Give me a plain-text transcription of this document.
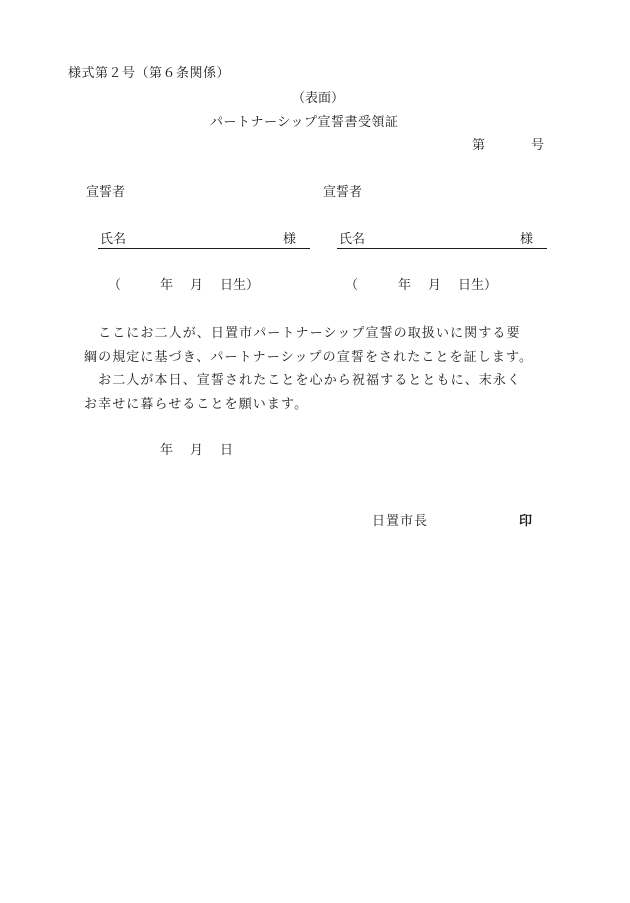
様式第２号（第６条関係）
（表面）
パートナーシップ宣誓書受領証
第	号
宣誓者	宣誓者
氏名	様	氏名	様
（	年 月 日生）	（	年 月 日生）
　ここにお二人が、日置市パートナーシップ宣誓の取扱いに関する要
綱の規定に基づき、パートナーシップの宣誓をされたことを証します。
　お二人が本日、宣誓されたことを心から祝福するとともに、末永く
お幸せに暮らせることを願います。
年 月 日
日置市長	印
